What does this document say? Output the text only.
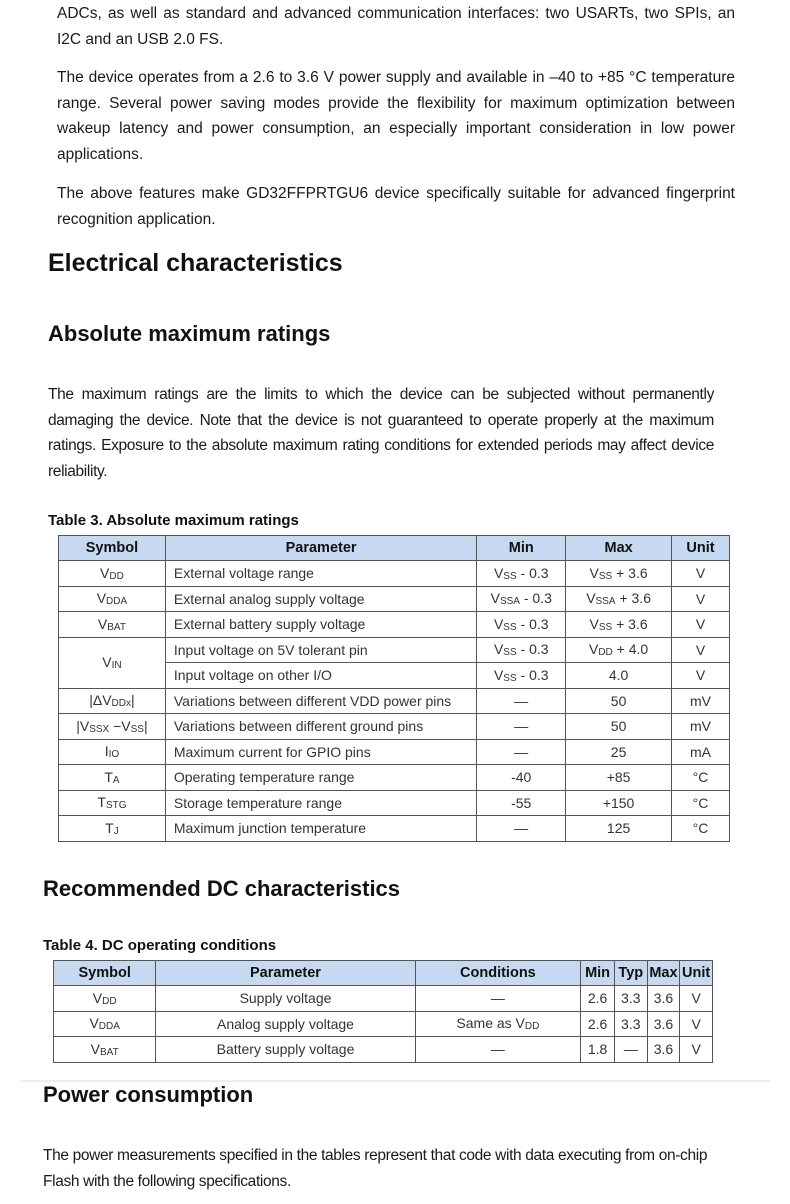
ADCs, as well as standard and advanced communication interfaces: two USARTs, two SPIs, an I2C and an USB 2.0 FS.
The device operates from a 2.6 to 3.6 V power supply and available in –40 to +85 °C temperature range. Several power saving modes provide the flexibility for maximum optimization between wakeup latency and power consumption, an especially important consideration in low power applications.
The above features make GD32FFPRTGU6 device specifically suitable for advanced fingerprint recognition application.
Electrical characteristics
Absolute maximum ratings
The maximum ratings are the limits to which the device can be subjected without permanently damaging the device. Note that the device is not guaranteed to operate properly at the maximum ratings. Exposure to the absolute maximum rating conditions for extended periods may affect device reliability.
Table 3. Absolute maximum ratings
Symbol	Parameter	Min	Max	Unit
VDD	External voltage range	VSS - 0.3	VSS + 3.6	V
VDDA	External analog supply voltage	VSSA - 0.3	VSSA + 3.6	V
VBAT	External battery supply voltage	VSS - 0.3	VSS + 3.6	V
VIN	Input voltage on 5V tolerant pin	VSS - 0.3	VDD + 4.0	V
	Input voltage on other I/O	VSS - 0.3	4.0	V
|ΔVDDx|	Variations between different VDD power pins	—	50	mV
|VSSX −VSS|	Variations between different ground pins	—	50	mV
IIO	Maximum current for GPIO pins	—	25	mA
TA	Operating temperature range	-40	+85	°C
TSTG	Storage temperature range	-55	+150	°C
TJ	Maximum junction temperature	—	125	°C
Recommended DC characteristics
Table 4. DC operating conditions
Symbol	Parameter	Conditions	Min	Typ	Max	Unit
VDD	Supply voltage	—	2.6	3.3	3.6	V
VDDA	Analog supply voltage	Same as VDD	2.6	3.3	3.6	V
VBAT	Battery supply voltage	—	1.8	—	3.6	V
Power consumption
The power measurements specified in the tables represent that code with data executing from on-chip Flash with the following specifications.
